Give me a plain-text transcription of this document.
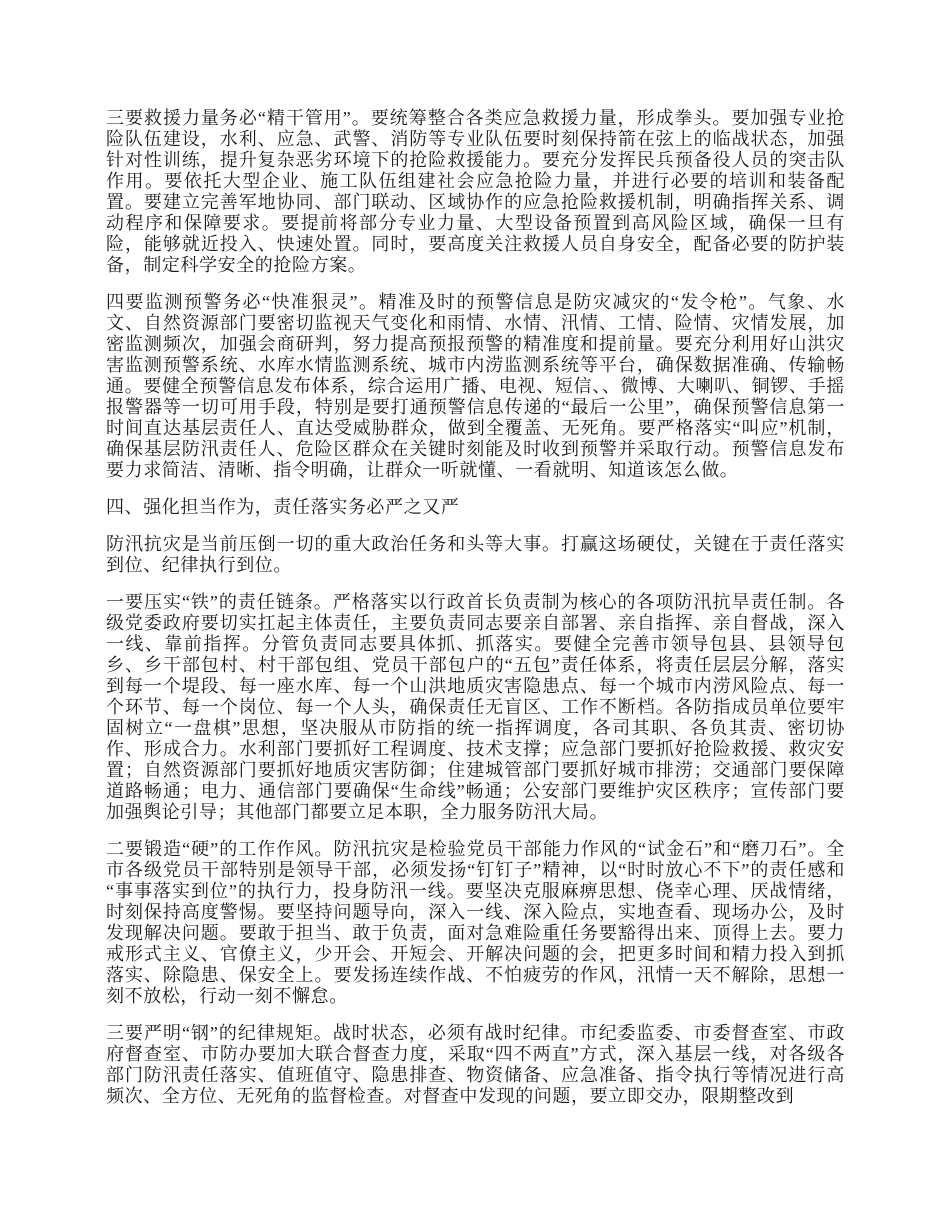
三要救援力量务必“精干管用”。要统筹整合各类应急救援力量，形成拳头。要加强专业抢险队伍建设，水利、应急、武警、消防等专业队伍要时刻保持箭在弦上的临战状态，加强针对性训练，提升复杂恶劣环境下的抢险救援能力。要充分发挥民兵预备役人员的突击队作用。要依托大型企业、施工队伍组建社会应急抢险力量，并进行必要的培训和装备配置。要建立完善军地协同、部门联动、区域协作的应急抢险救援机制，明确指挥关系、调动程序和保障要求。要提前将部分专业力量、大型设备预置到高风险区域，确保一旦有险，能够就近投入、快速处置。同时，要高度关注救援人员自身安全，配备必要的防护装备，制定科学安全的抢险方案。

四要监测预警务必“快准狠灵”。精准及时的预警信息是防灾减灾的“发令枪”。气象、水文、自然资源部门要密切监视天气变化和雨情、水情、汛情、工情、险情、灾情发展，加密监测频次，加强会商研判，努力提高预报预警的精准度和提前量。要充分利用好山洪灾害监测预警系统、水库水情监测系统、城市内涝监测系统等平台，确保数据准确、传输畅通。要健全预警信息发布体系，综合运用广播、电视、短信、、微博、大喇叭、铜锣、手摇报警器等一切可用手段，特别是要打通预警信息传递的“最后一公里”，确保预警信息第一时间直达基层责任人、直达受威胁群众，做到全覆盖、无死角。要严格落实“叫应”机制，确保基层防汛责任人、危险区群众在关键时刻能及时收到预警并采取行动。预警信息发布要力求简洁、清晰、指令明确，让群众一听就懂、一看就明、知道该怎么做。

四、强化担当作为，责任落实务必严之又严

防汛抗灾是当前压倒一切的重大政治任务和头等大事。打赢这场硬仗，关键在于责任落实到位、纪律执行到位。

一要压实“铁”的责任链条。严格落实以行政首长负责制为核心的各项防汛抗旱责任制。各级党委政府要切实扛起主体责任，主要负责同志要亲自部署、亲自指挥、亲自督战，深入一线、靠前指挥。分管负责同志要具体抓、抓落实。要健全完善市领导包县、县领导包乡、乡干部包村、村干部包组、党员干部包户的“五包”责任体系，将责任层层分解，落实到每一个堤段、每一座水库、每一个山洪地质灾害隐患点、每一个城市内涝风险点、每一个环节、每一个岗位、每一个人头，确保责任无盲区、工作不断档。各防指成员单位要牢固树立“一盘棋”思想，坚决服从市防指的统一指挥调度，各司其职、各负其责、密切协作、形成合力。水利部门要抓好工程调度、技术支撑；应急部门要抓好抢险救援、救灾安置；自然资源部门要抓好地质灾害防御；住建城管部门要抓好城市排涝；交通部门要保障道路畅通；电力、通信部门要确保“生命线”畅通；公安部门要维护灾区秩序；宣传部门要加强舆论引导；其他部门都要立足本职，全力服务防汛大局。

二要锻造“硬”的工作作风。防汛抗灾是检验党员干部能力作风的“试金石”和“磨刀石”。全市各级党员干部特别是领导干部，必须发扬“钉钉子”精神，以“时时放心不下”的责任感和“事事落实到位”的执行力，投身防汛一线。要坚决克服麻痹思想、侥幸心理、厌战情绪，时刻保持高度警惕。要坚持问题导向，深入一线、深入险点，实地查看、现场办公，及时发现解决问题。要敢于担当、敢于负责，面对急难险重任务要豁得出来、顶得上去。要力戒形式主义、官僚主义，少开会、开短会、开解决问题的会，把更多时间和精力投入到抓落实、除隐患、保安全上。要发扬连续作战、不怕疲劳的作风，汛情一天不解除，思想一刻不放松，行动一刻不懈怠。

三要严明“钢”的纪律规矩。战时状态，必须有战时纪律。市纪委监委、市委督查室、市政府督查室、市防办要加大联合督查力度，采取“四不两直”方式，深入基层一线，对各级各部门防汛责任落实、值班值守、隐患排查、物资储备、应急准备、指令执行等情况进行高频次、全方位、无死角的监督检查。对督查中发现的问题，要立即交办，限期整改到
